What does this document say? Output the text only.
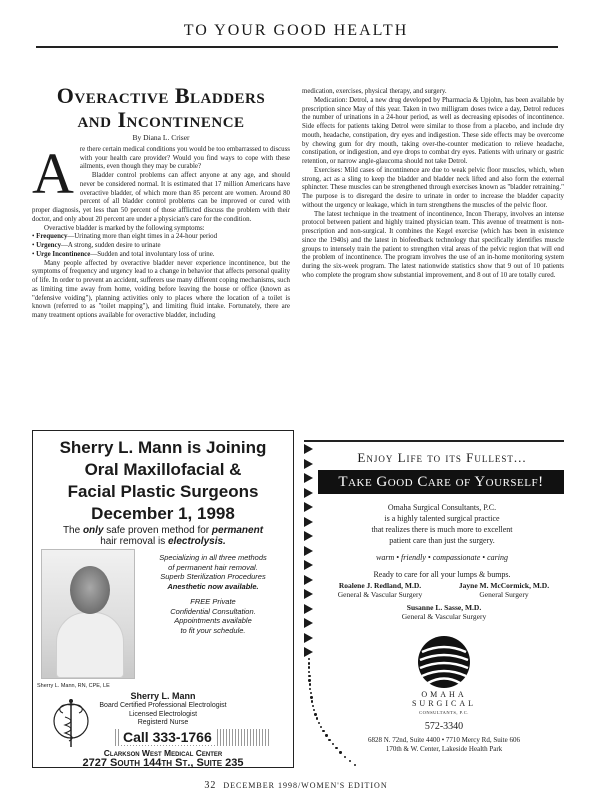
TO YOUR GOOD HEALTH
Overactive Bladders
and Incontinence
By Diana L. Criser

Are there certain medical conditions you would be too embarrassed to discuss with your health care provider? Would you find ways to cope with these ailments, even though they may be curable?

Bladder control problems can affect anyone at any age, and should never be considered normal. It is estimated that 17 million Americans have overactive bladder, of which more than 85 percent are women. Around 80 percent of all bladder control problems can be improved or cured with proper diagnosis, yet less than 50 percent of those afflicted discuss the problem with their doctor, and only about 20 percent are under a physician's care for the condition.

Overactive bladder is marked by the following symptoms:

• Frequency—Urinating more than eight times in a 24-hour period

• Urgency—A strong, sudden desire to urinate

• Urge Incontinence—Sudden and total involuntary loss of urine.

Many people affected by overactive bladder never experience incontinence, but the symptoms of frequency and urgency lead to a change in behavior that affects personal quality of life. In order to prevent an accident, sufferers use many different coping mechanisms, such as limiting time away from home, voiding before leaving the house or office (known as "defensive voiding"), planning activities only to places where the location of a toilet is known (referred to as "toilet mapping"), and limiting fluid intake. Fortunately, there are many treatment options available for overactive bladder, including

medication, exercises, physical therapy, and surgery.

Medication: Detrol, a new drug developed by Pharmacia & Upjohn, has been available by prescription since May of this year. Taken in two milligram doses twice a day, Detrol reduces the number of urinations in a 24-hour period, as well as decreasing episodes of incontinence. Side effects for patients taking Detrol were similar to those from a placebo, and include dry mouth, headache, constipation, dry eyes and indigestion. These side effects may be overcome by chewing gum for dry mouth, taking over-the-counter medication to relieve headache, constipation, or indigestion, and eye drops to combat dry eyes. Patients with urinary or gastric retention, or narrow angle-glaucoma should not take Detrol.

Exercises: Mild cases of incontinence are due to weak pelvic floor muscles, which, when strong, act as a sling to keep the bladder and bladder neck lifted and also form the external sphincter. These muscles can be strengthened through exercises known as "bladder retraining." The purpose is to disregard the desire to urinate in order to increase the bladder capacity without the urgency or leakage, which in turn strengthens the muscles of the pelvic floor.

The latest technique in the treatment of incontinence, Incon Therapy, involves an intense protocol between patient and highly trained physician team. This avenue of treatment is non-prescription and non-surgical. It combines the Kegel exercise (which has been in existence since the 1940s) and the latest in biofeedback technology that specifically identifies muscle groups to intensely train the patient to strengthen vital areas of the pelvic region that will end the problem of incontinence. The program involves the use of an in-home monitoring system during the six-week program. The latest nationwide statistics show that 9 out of 10 patients who complete the program show substantial improvement, and 8 out of 10 are totally cured.

Sherry L. Mann is Joining
Oral Maxillofacial &
Facial Plastic Surgeons
December 1, 1998
The only safe proven method for permanent
hair removal is electrolysis.
Sherry L. Mann, RN, CPE, LE
Specializing in all three methods
of permanent hair removal.
Superb Sterilization Procedures
Anesthetic now available.
FREE Private
Confidential Consultation.
Appointments available
to fit your schedule.
Sherry L. Mann
Board Certified Professional Electrologist
Licensed Electrologist
Registerd Nurse
Call 333-1766
Clarkson West Medical Center
2727 South 144th St., Suite 235
Enjoy Life to its Fullest...
Take Good Care of Yourself!
Omaha Surgical Consultants, P.C.
is a highly talented surgical practice
that realizes there is much more to excellent
patient care than just the surgery.
warm • friendly • compassionate • caring
Ready to care for all your lumps & bumps.
Roalene J. Redland, M.D.
General & Vascular Surgery
Jayne M. McCormick, M.D.
General Surgery
Susanne L. Sasse, M.D.
General & Vascular Surgery
OMAHA
SURGICAL
CONSULTANTS, P.C.
572-3340
6828 N. 72nd, Suite 4400 • 7710 Mercy Rd, Suite 606
170th & W. Center, Lakeside Health Park
32 DECEMBER 1998/WOMEN'S EDITION
